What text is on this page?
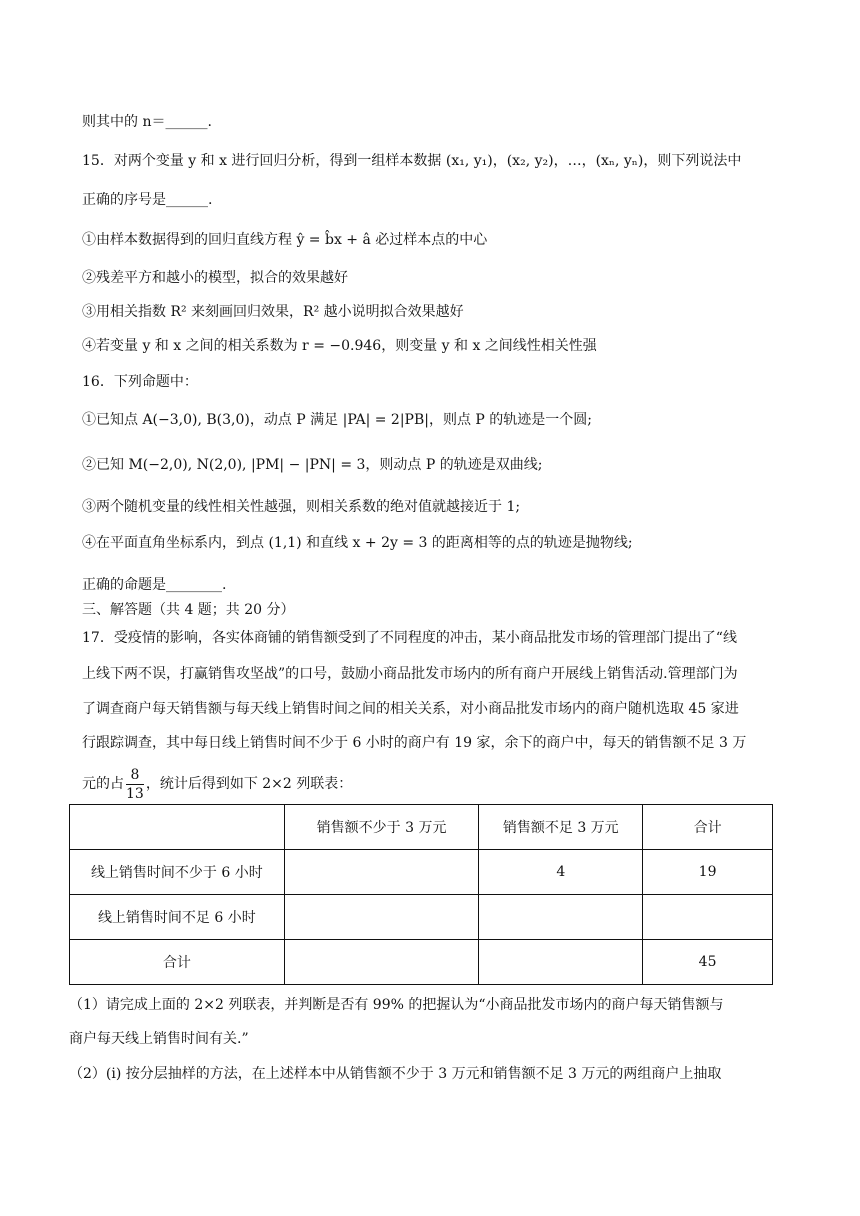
则其中的 n＝______.
15．对两个变量 y 和 x 进行回归分析，得到一组样本数据 (x₁, y₁)，(x₂, y₂)，…，(xₙ, yₙ)，则下列说法中
正确的序号是______.
①由样本数据得到的回归直线方程 ŷ = b̂x + â 必过样本点的中心
②残差平方和越小的模型，拟合的效果越好
③用相关指数 R² 来刻画回归效果，R² 越小说明拟合效果越好
④若变量 y 和 x 之间的相关系数为 r = −0.946，则变量 y 和 x 之间线性相关性强
16．下列命题中：
①已知点 A(−3,0), B(3,0)，动点 P 满足 |PA| = 2|PB|，则点 P 的轨迹是一个圆;
②已知 M(−2,0), N(2,0), |PM| − |PN| = 3，则动点 P 的轨迹是双曲线;
③两个随机变量的线性相关性越强，则相关系数的绝对值就越接近于 1;
④在平面直角坐标系内，到点 (1,1) 和直线 x + 2y = 3 的距离相等的点的轨迹是抛物线;
正确的命题是________.
三、解答题（共 4 题；共 20 分）
17．受疫情的影响，各实体商铺的销售额受到了不同程度的冲击，某小商品批发市场的管理部门提出了“线
上线下两不误，打赢销售攻坚战”的口号，鼓励小商品批发市场内的所有商户开展线上销售活动.管理部门为
了调查商户每天销售额与每天线上销售时间之间的相关关系，对小商品批发市场内的商户随机选取 45 家进
行跟踪调查，其中每日线上销售时间不少于 6 小时的商户有 19 家，余下的商户中，每天的销售额不足 3 万
元的占 $\frac{8}{13}$ ，统计后得到如下 2×2 列联表：
	销售额不少于 3 万元	销售额不足 3 万元	合计
线上销售时间不少于 6 小时		4	19
线上销售时间不足 6 小时			
合计			45
（1）请完成上面的 2×2 列联表，并判断是否有 99% 的把握认为“小商品批发市场内的商户每天销售额与
商户每天线上销售时间有关.”
（2）(i) 按分层抽样的方法，在上述样本中从销售额不少于 3 万元和销售额不足 3 万元的两组商户上抽取
